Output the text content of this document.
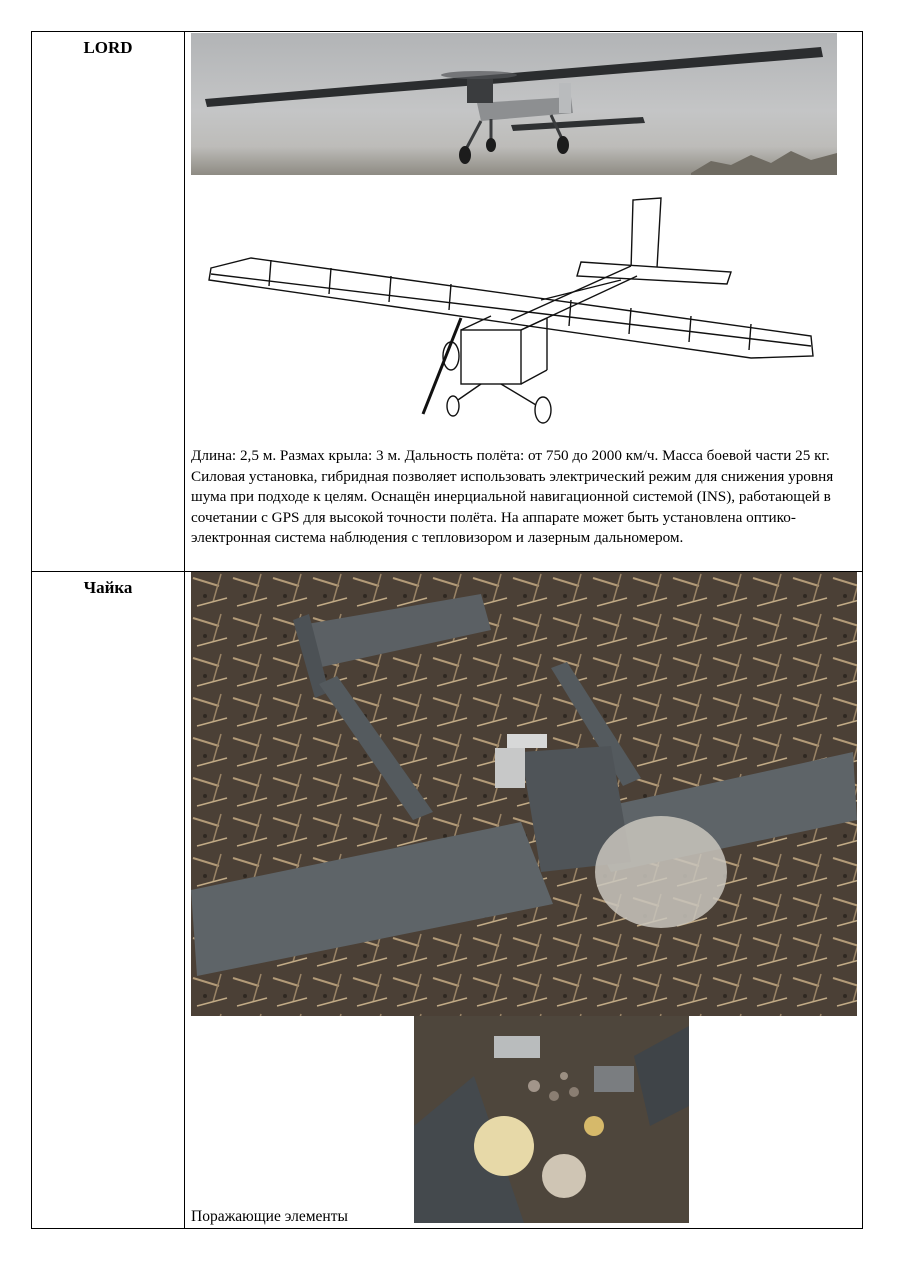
LORD
Длина: 2,5 м. Размах крыла: 3 м. Дальность полёта: от 750 до 2000 км/ч. Масса боевой части 25 кг. Силовая установка, гибридная позволяет использовать электрический режим для снижения уровня шума при подходе к целям. Оснащён инерциальной навигационной системой (INS), работающей в сочетании с GPS для высокой точности полёта. На аппарате может быть установлена оптико-электронная система наблюдения с тепловизором и лазерным дальномером.
Чайка
Поражающие элементы
